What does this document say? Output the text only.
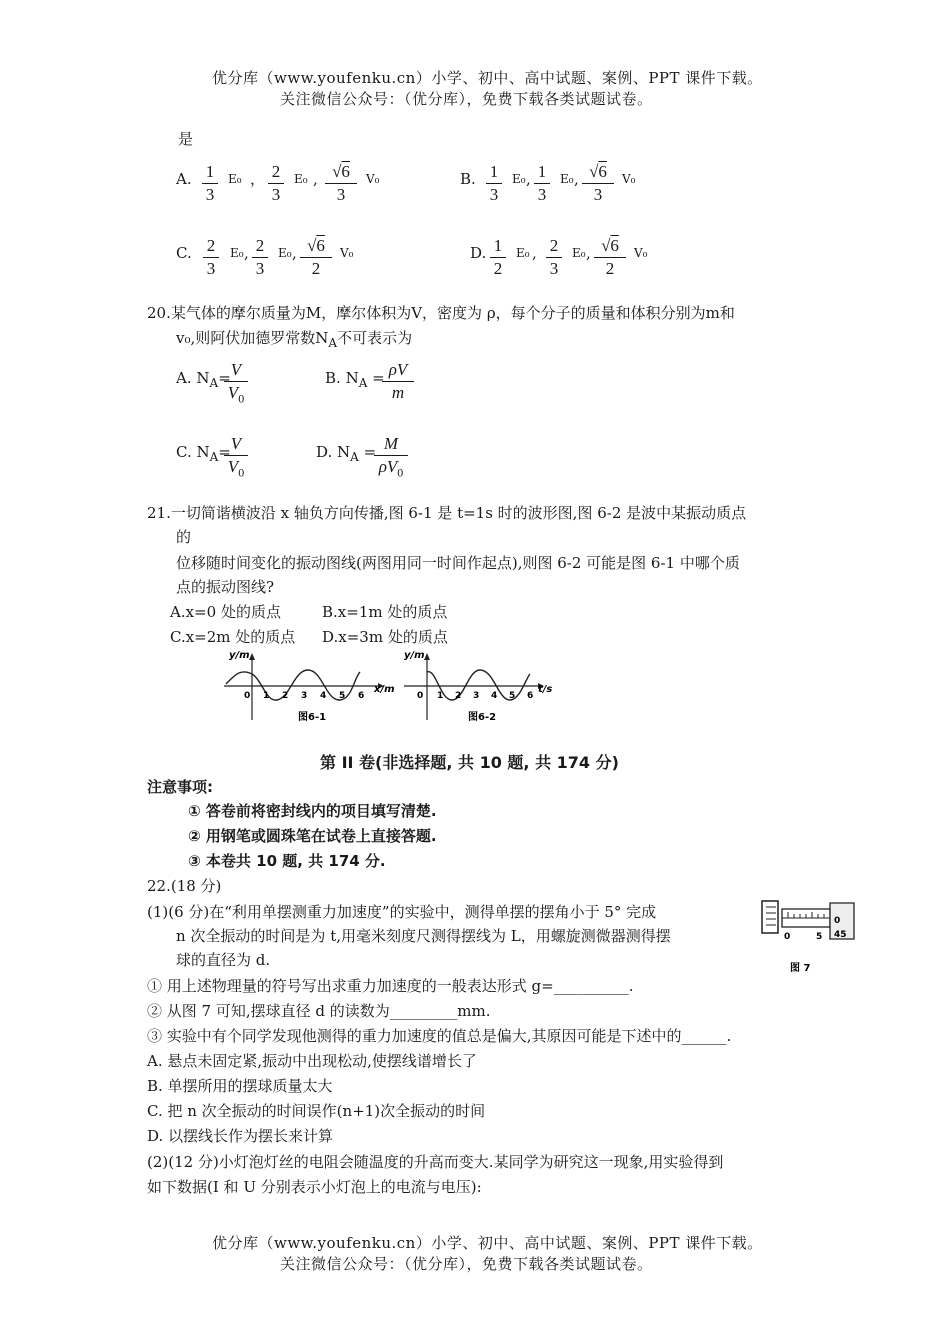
优分库（www.youfenku.cn）小学、初中、高中试题、案例、PPT 课件下载。
关注微信公众号：（优分库），免费下载各类试题试卷。
是
A. 1
3
E₀ ， 2
3
E₀ , √6
3
V₀	B. 1
3
E₀ , 1
3
E₀ , √6
3
V₀
C. 2
3
E₀ , 2
3
E₀ , √6
2
V₀	D. 1
2
E₀ , 2
3
E₀ , √6
2
V₀
20.某气体的摩尔质量为M，摩尔体积为V，密度为 ρ，每个分子的质量和体积分别为m和
v₀,则阿伏加德罗常数$N_A$不可表示为
A. $N_A= V$
$V_0$
B. $N_A = \rho V$
m
C. $N_A= V$
$V_0$
D. $N_A = M$
$\rho V_0$
21.一切简谐横波沿 x 轴负方向传播,图 6-1 是 t=1s 时的波形图,图 6-2 是波中某振动质点
的
位移随时间变化的振动图线(两图用同一时间作起点),则图 6-2 可能是图 6-1 中哪个质
点的振动图线?
A.x=0 处的质点	B.x=1m 处的质点
C.x=2m 处的质点 D.x=3m 处的质点
y/m
x/m
0 1 2 3 4 5 6
图6-1
y/m
t/s
0 1 2 3 4 5 6
图6-2
第 II 卷(非选择题, 共 10 题, 共 174 分)
注意事项:
① 答卷前将密封线内的项目填写清楚.
② 用钢笔或圆珠笔在试卷上直接答题.
③ 本卷共 10 题, 共 174 分.
22.(18 分)
(1)(6 分)在“利用单摆测重力加速度”的实验中，测得单摆的摆角小于 5° 完成
n 次全振动的时间是为 t,用毫米刻度尺测得摆线为 L，用螺旋测微器测得摆
球的直径为 d.
0	5
0
45
图 7
① 用上述物理量的符号写出求重力加速度的一般表达形式 g=__________.
② 从图 7 可知,摆球直径 d 的读数为_________mm.
③ 实验中有个同学发现他测得的重力加速度的值总是偏大,其原因可能是下述中的______.
A. 悬点未固定紧,振动中出现松动,使摆线谱增长了
B. 单摆所用的摆球质量太大
C. 把 n 次全振动的时间误作(n+1)次全振动的时间
D. 以摆线长作为摆长来计算
(2)(12 分)小灯泡灯丝的电阻会随温度的升高而变大.某同学为研究这一现象,用实验得到
如下数据(I 和 U 分别表示小灯泡上的电流与电压):
优分库（www.youfenku.cn）小学、初中、高中试题、案例、PPT 课件下载。
关注微信公众号：（优分库），免费下载各类试题试卷。
